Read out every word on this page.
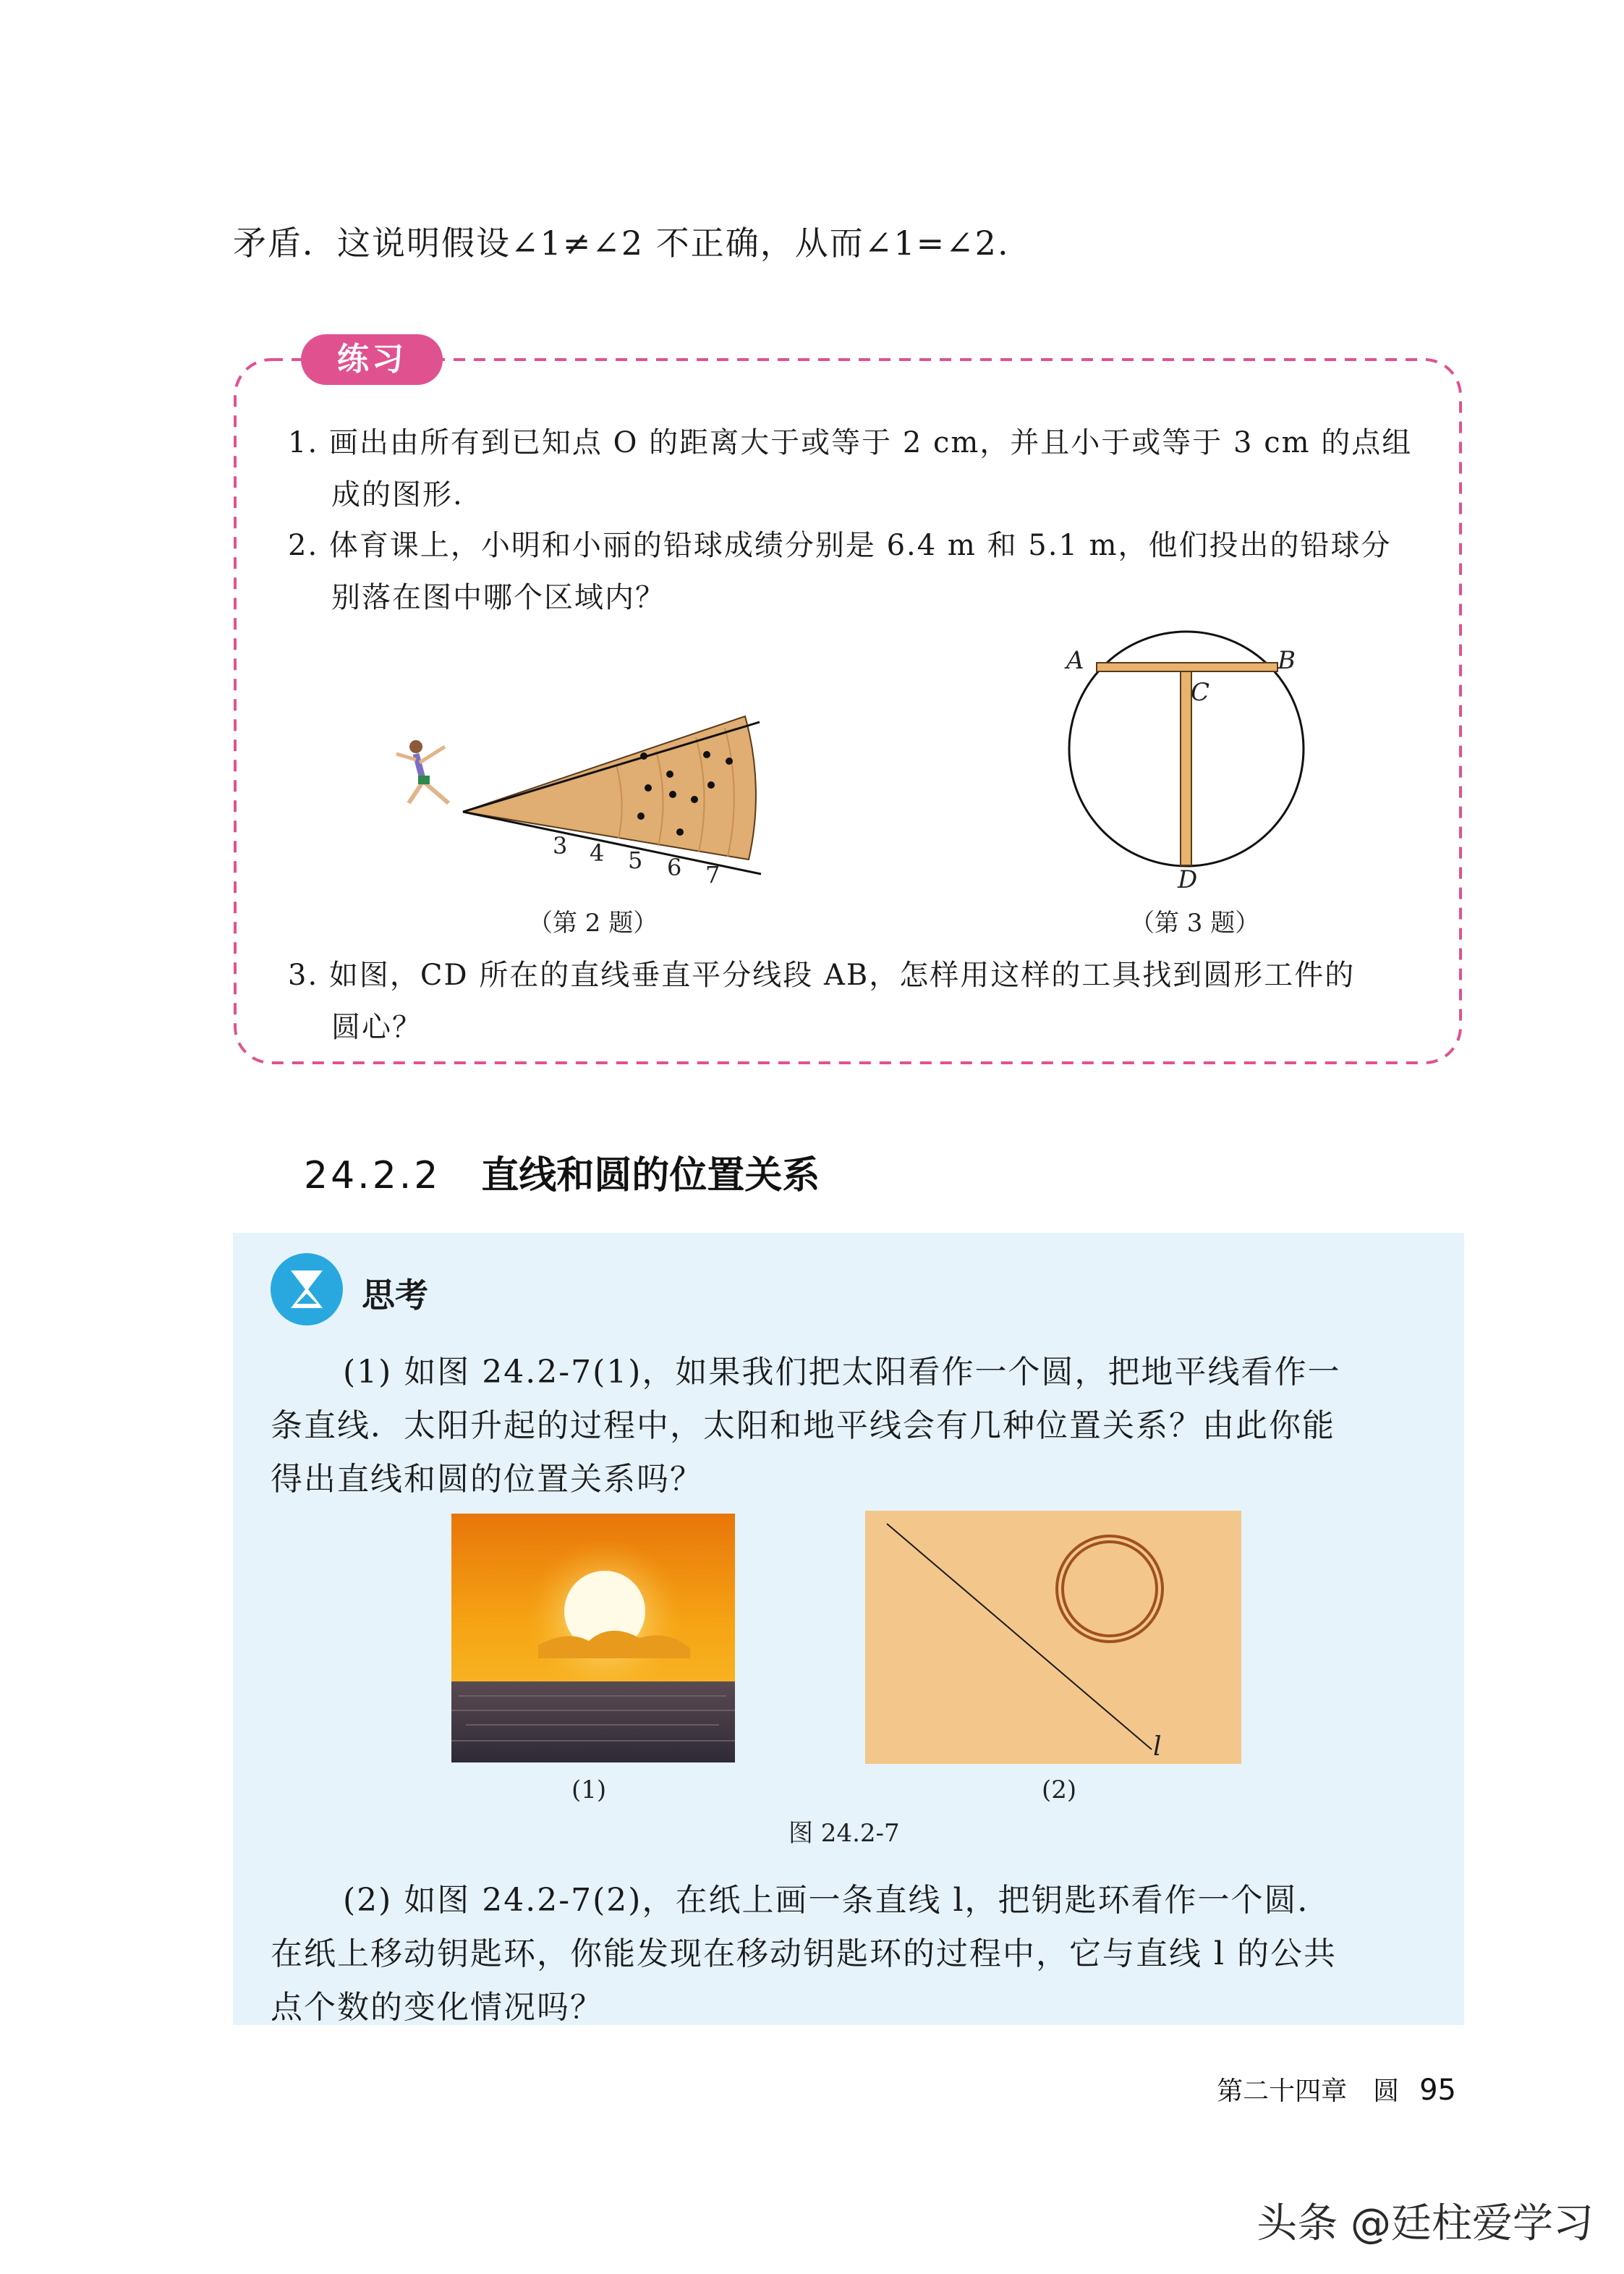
矛盾．这说明假设∠1≠∠2 不正确，从而∠1=∠2.
练习
1. 画出由所有到已知点 O 的距离大于或等于 2 cm，并且小于或等于 3 cm 的点组
成的图形.
2. 体育课上，小明和小丽的铅球成绩分别是 6.4 m 和 5.1 m，他们投出的铅球分
别落在图中哪个区域内？
3 4 5 6 7
（第 2 题）
A	B
C
D
（第 3 题）
3. 如图，CD 所在的直线垂直平分线段 AB，怎样用这样的工具找到圆形工件的
圆心？
24.2.2 直线和圆的位置关系
思考
(1) 如图 24.2-7(1)，如果我们把太阳看作一个圆，把地平线看作一
条直线．太阳升起的过程中，太阳和地平线会有几种位置关系？由此你能
得出直线和圆的位置关系吗？
l
(1)	(2)
图 24.2-7
(2) 如图 24.2-7(2)，在纸上画一条直线 l，把钥匙环看作一个圆．
在纸上移动钥匙环，你能发现在移动钥匙环的过程中，它与直线 l 的公共
点个数的变化情况吗？
第二十四章　圆 95
头条 @廷柱爱学习
